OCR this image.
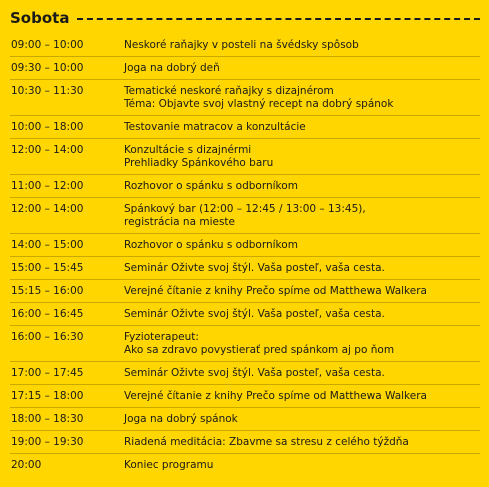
Sobota
09:00 – 10:00	Neskoré raňajky v posteli na švédsky spôsob
09:30 – 10:00	Joga na dobrý deň
10:30 – 11:30	Tematické neskoré raňajky s dizajnérom
Téma: Objavte svoj vlastný recept na dobrý spánok
10:00 – 18:00	Testovanie matracov a konzultácie
12:00 – 14:00	Konzultácie s dizajnérmi
Prehliadky Spánkového baru
11:00 – 12:00	Rozhovor o spánku s odborníkom
12:00 – 14:00	Spánkový bar (12:00 – 12:45 / 13:00 – 13:45),
registrácia na mieste
14:00 – 15:00	Rozhovor o spánku s odborníkom
15:00 – 15:45	Seminár Oživte svoj štýl. Vaša posteľ, vaša cesta.
15:15 – 16:00	Verejné čítanie z knihy Prečo spíme od Matthewa Walkera
16:00 – 16:45	Seminár Oživte svoj štýl. Vaša posteľ, vaša cesta.
16:00 – 16:30	Fyzioterapeut:
Ako sa zdravo povystierať pred spánkom aj po ňom
17:00 – 17:45	Seminár Oživte svoj štýl. Vaša posteľ, vaša cesta.
17:15 – 18:00	Verejné čítanie z knihy Prečo spíme od Matthewa Walkera
18:00 – 18:30	Joga na dobrý spánok
19:00 – 19:30	Riadená meditácia: Zbavme sa stresu z celého týždňa
20:00	Koniec programu
